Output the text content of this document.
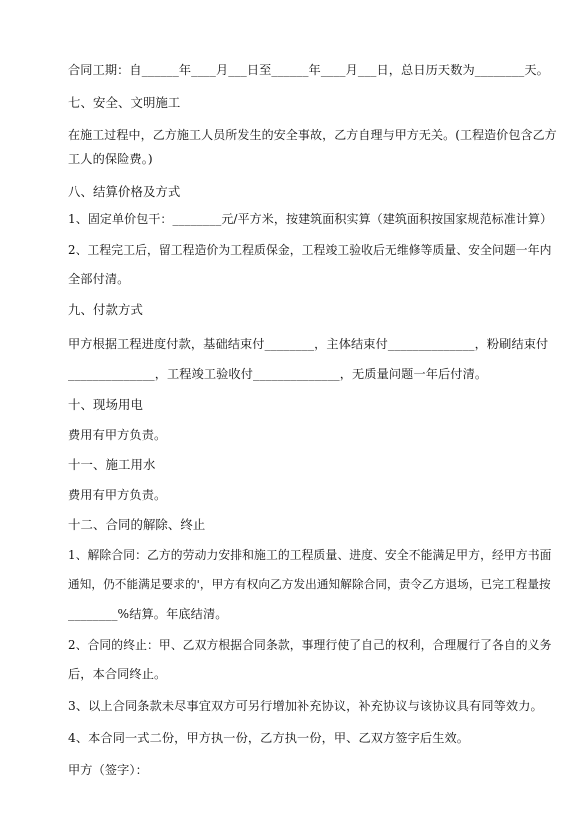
合同工期：自______年____月___日至______年____月___日，总日历天数为________天。
七、安全、文明施工
在施工过程中，乙方施工人员所发生的安全事故，乙方自理与甲方无关。(工程造价包含乙方
工人的保险费。)
八、结算价格及方式
1、固定单价包干：________元/平方米，按建筑面积实算（建筑面积按国家规范标准计算）
2、工程完工后，留工程造价为工程质保金，工程竣工验收后无维修等质量、安全问题一年内
全部付清。
九、付款方式
甲方根据工程进度付款，基础结束付________，主体结束付______________，粉刷结束付
______________，工程竣工验收付______________，无质量问题一年后付清。
十、现场用电
费用有甲方负责。
十一、施工用水
费用有甲方负责。
十二、合同的解除、终止
1、解除合同：乙方的劳动力安排和施工的工程质量、进度、安全不能满足甲方，经甲方书面
通知，仍不能满足要求的'，甲方有权向乙方发出通知解除合同，责令乙方退场，已完工程量按
________%结算。年底结清。
2、合同的终止：甲、乙双方根据合同条款，事理行使了自己的权利，合理履行了各自的义务
后，本合同终止。
3、以上合同条款未尽事宜双方可另行增加补充协议，补充协议与该协议具有同等效力。
4、本合同一式二份，甲方执一份，乙方执一份，甲、乙双方签字后生效。
甲方（签字）：
